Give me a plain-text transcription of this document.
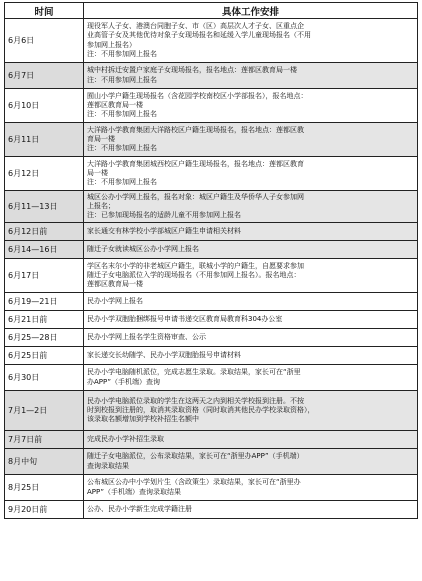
时间	具体工作安排
6月6日	现役军人子女、港澳台同胞子女、市（区）高层次人才子女、区重点企
业高管子女及其他优待对象子女现场报名和延缓入学儿童现场报名（不用
参加网上报名）
注：不用参加网上报名

6月7日	城中村拆迁安置户家庭子女现场报名，报名地点：莲都区教育局一楼
注：不用参加网上报名

6月10日	囿山小学户籍生现场报名（含花园学校南校区小学部报名），报名地点：
莲都区教育局一楼
注：不用参加网上报名

6月11日	大洋路小学教育集团大洋路校区户籍生现场报名，报名地点：莲都区教
育局一楼
注：不用参加网上报名

6月12日	大洋路小学教育集团城西校区户籍生现场报名，报名地点：莲都区教育
局一楼
注：不用参加网上报名

6月11—13日	城区公办小学网上报名，报名对象：城区户籍生及华侨华人子女参加网
上报名；
注：已参加现场报名的适龄儿童不用参加网上报名

6月12日前	家长通交有林学校小学部城区户籍生申请相关材料

6月14—16日	随迁子女就读城区公办小学网上报名

6月17日	学区名末尔小学的非老城区户籍生，联城小学的户籍生，自愿要求参加
随迁子女电脑派位入学的现场报名（不用参加网上报名）。报名地点：
莲都区教育局一楼

6月19—21日	民办小学网上报名

6月21日前	民办小学双胞胎捆绑报号申请书递交区教育局教育科304办公室

6月25—28日	民办小学网上报名学生资格审查、公示

6月25日前	家长递交长幼随学、民办小学双胞胎报号申请材料

6月30日	民办小学电脑随机派位，完成志愿生录取。录取结果，家长可在“浙里
办APP”（手机端）查询

7月1—2日	民办小学电脑派位录取的学生在这两天之内到相关学校报到注册。不按
时到校报到注册的，取消其录取资格（同时取消其他民办学校录取资格），
该录取名额增加到学校补招生名额中

7月7日前	完成民办小学补招生录取

8月中旬	随迁子女电脑派位，公布录取结果，家长可在“浙里办APP”（手机端）
查询录取结果

8月25日	公布城区公办中小学划片生（含政策生）录取结果，家长可在“浙里办
APP”（手机端）查询录取结果

9月20日前	公办、民办小学新生完成学籍注册
